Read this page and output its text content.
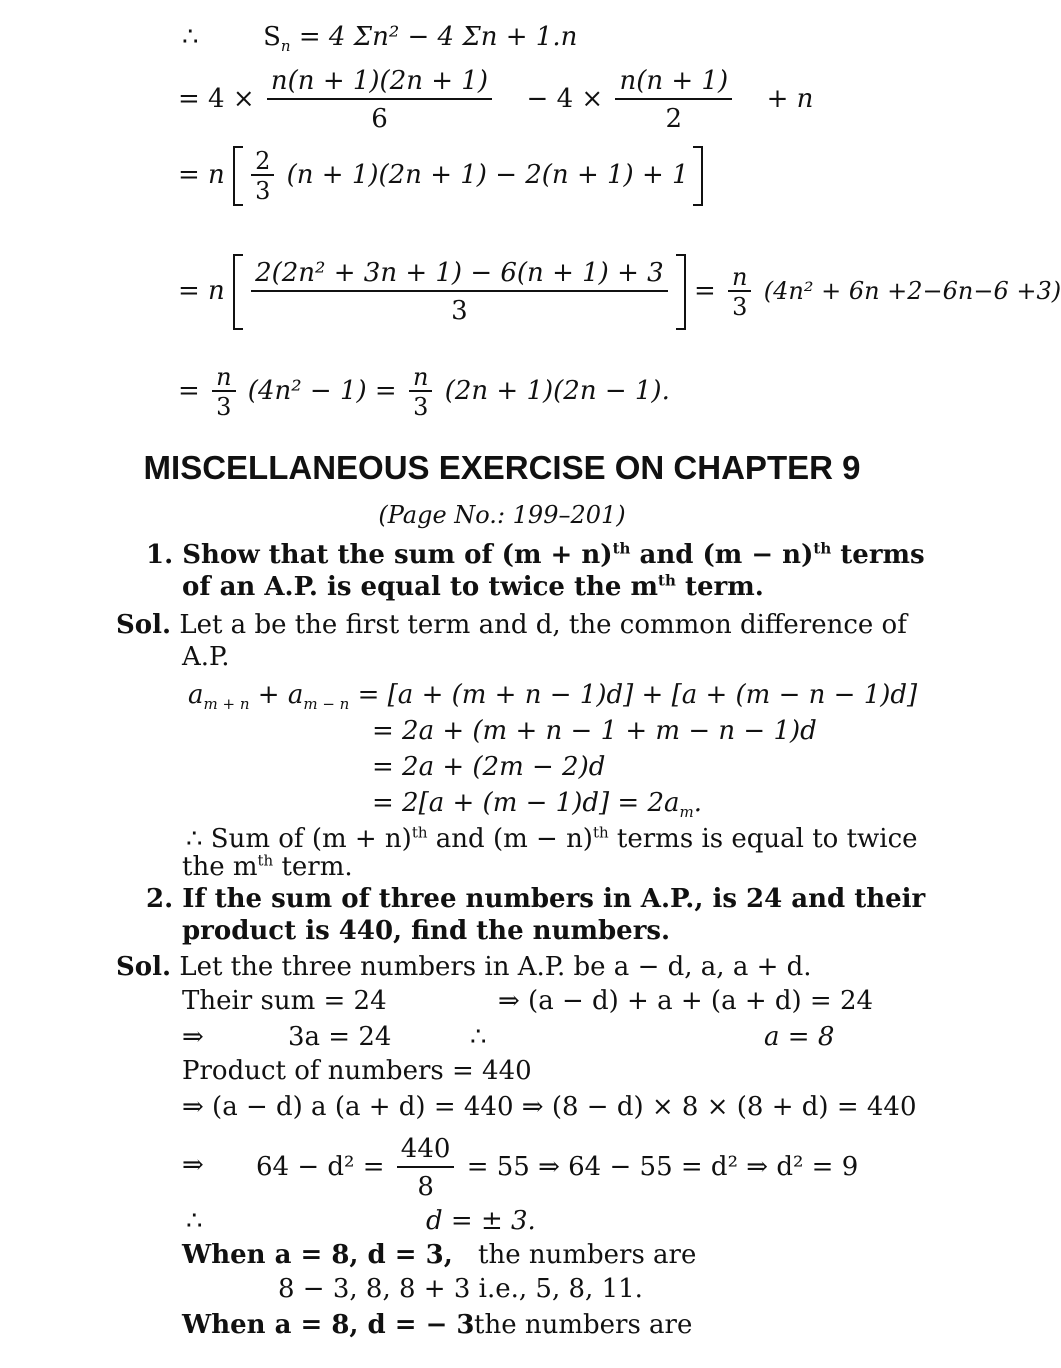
∴ $S_n = 4$ Σn² − 4 Σn + 1.n
= $4 \times \frac{n(n + 1)(2n + 1)}{6} - 4 \times \frac{n(n + 1)}{2} + n$
= n $\frac{2}{3} (n + 1)(2n + 1) - 2(n + 1) + 1$
= n $\frac{\text{2(2n² + 3n + 1) − 6(n + 1) + 3}}{3} = \frac{n}{3} (4n^2 + 6n +2-6n-6 +3)$
= $\frac{n}{3} (4n^2 - 1) = \frac{n}{3} (2n + 1)(2n - 1)$.
MISCELLANEOUS EXERCISE ON CHAPTER 9
(Page No.: 199–201)
1. Show that the sum of $(m + n)^{th}$ and $(m - n)^{th}$ terms
of an A.P. is equal to twice the $m^{th}$ term.
Sol. Let a be the first term and d, the common difference of
A.P.
$a_{m + n} + a_{m - n} = [a + (m + n - 1)d] + [a + (m - n - 1)d]$
= 2a + (m + n − 1 + m − n − 1)d
= 2a + (2m − 2)d
= $2[a + (m - 1)d] = 2a_m$.
∴ Sum of $(m + n)^{th}$ and $(m - n)^{th}$ terms is equal to twice
the $m^{th}$ term.
2. If the sum of three numbers in A.P., is 24 and their
product is 440, find the numbers.
Sol. Let the three numbers in A.P. be a − d, a, a + d.
Their sum = 24	⇒ (a − d) + a + (a + d) = 24
⇒	3a = 24	∴	a = 8
Product of numbers = 440
⇒ (a − d) a (a + d) = 440 ⇒ (8 − d) × 8 × (8 + d) = 440
⇒ $64 - d^2 = \frac{440}{8} = 55$ ⇒ 64 − 55 = d² ⇒ d² = 9
∴	d = ± 3.
When a = 8, d = 3, the numbers are
8 − 3, 8, 8 + 3 i.e., 5, 8, 11.
When a = 8, d = − 3 the numbers are
